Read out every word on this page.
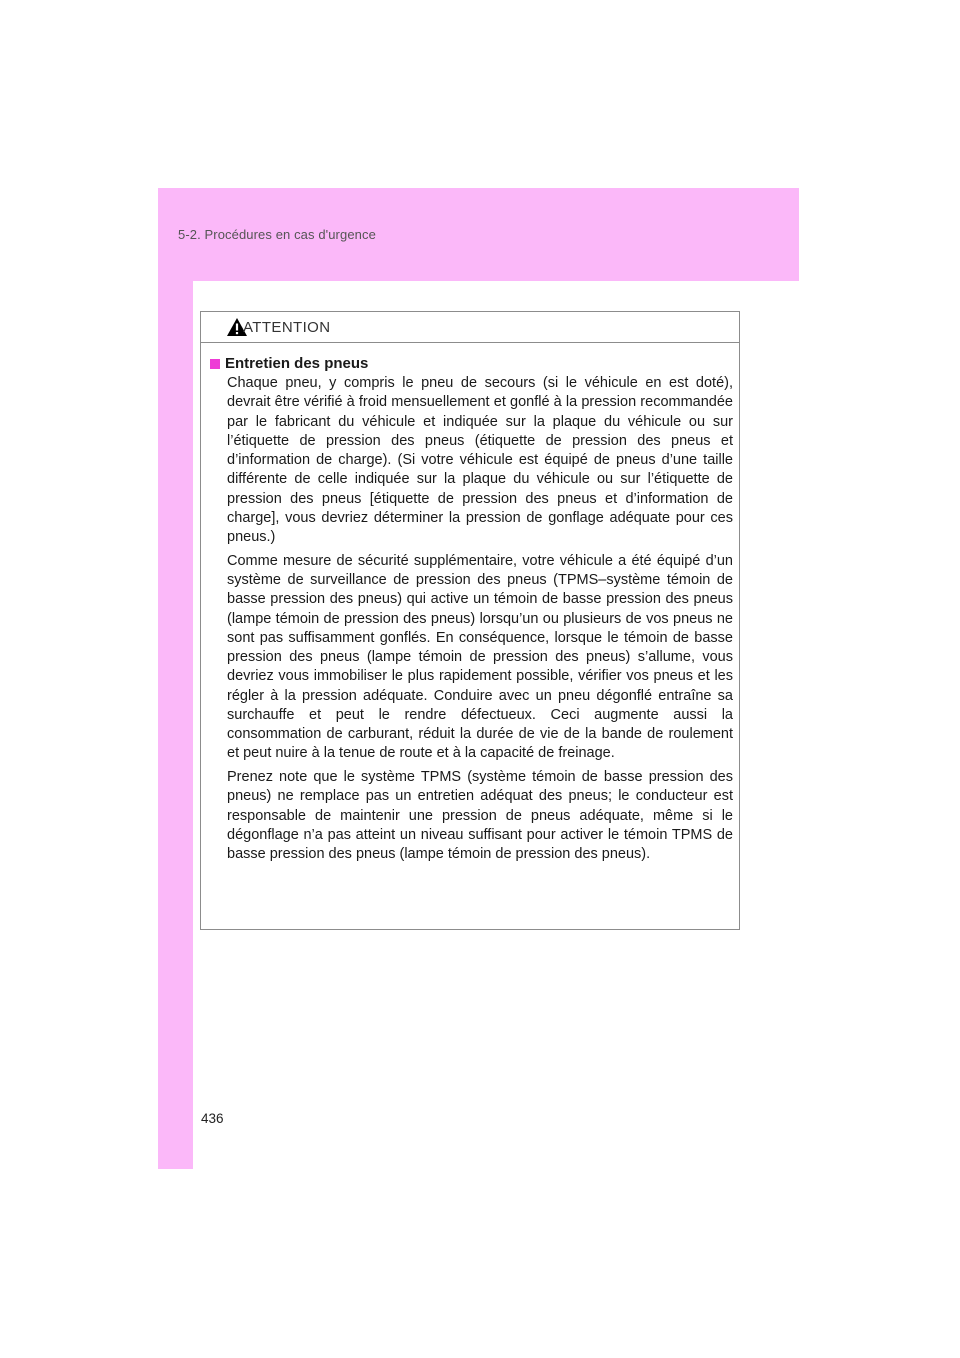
5-2. Procédures en cas d'urgence
ATTENTION
Entretien des pneus

Chaque pneu, y compris le pneu de secours (si le véhicule en est doté), devrait être vérifié à froid mensuellement et gonflé à la pression recommandée par le fabricant du véhicule et indiquée sur la plaque du véhicule ou sur l’étiquette de pression des pneus (étiquette de pression des pneus et d’information de charge). (Si votre véhicule est équipé de pneus d’une taille différente de celle indiquée sur la plaque du véhicule ou sur l’étiquette de pression des pneus [étiquette de pression des pneus et d’information de charge], vous devriez déterminer la pression de gonflage adéquate pour ces pneus.)

Comme mesure de sécurité supplémentaire, votre véhicule a été équipé d’un système de surveillance de pression des pneus (TPMS–système témoin de basse pression des pneus) qui active un témoin de basse pression des pneus (lampe témoin de pression des pneus) lorsqu’un ou plusieurs de vos pneus ne sont pas suffisamment gonflés. En conséquence, lorsque le témoin de basse pression des pneus (lampe témoin de pression des pneus) s’allume, vous devriez vous immobiliser le plus rapidement possible, vérifier vos pneus et les régler à la pression adéquate. Conduire avec un pneu dégonflé entraîne sa surchauffe et peut le rendre défectueux. Ceci augmente aussi la consommation de carburant, réduit la durée de vie de la bande de roulement et peut nuire à la tenue de route et à la capacité de freinage.

Prenez note que le système TPMS (système témoin de basse pression des pneus) ne remplace pas un entretien adéquat des pneus; le conducteur est responsable de maintenir une pression de pneus adéquate, même si le dégonflage n’a pas atteint un niveau suffisant pour activer le témoin TPMS de basse pression des pneus (lampe témoin de pression des pneus).

436
